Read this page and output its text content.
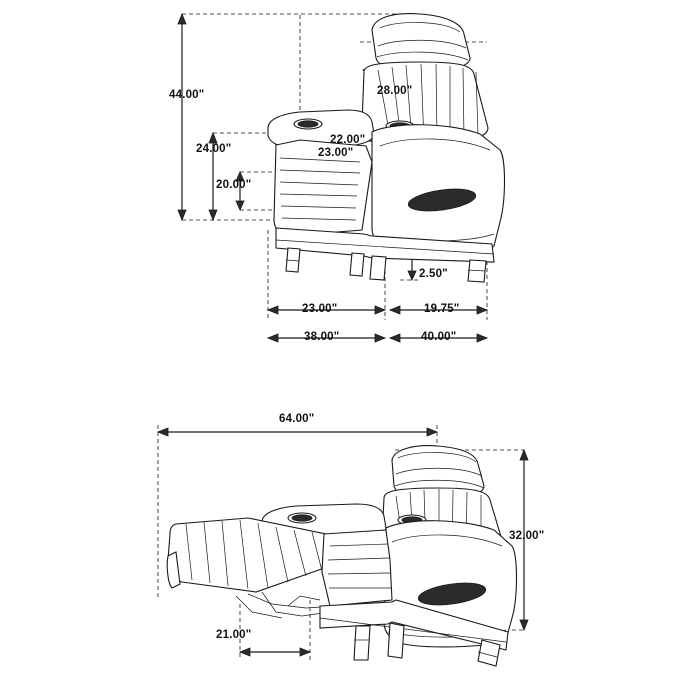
44.00"	28.00"
24.00"
22.00"
23.00"
20.00"
2.50"
23.00"	19.75"
38.00"	40.00"
64.00"
32.00"
21.00"
